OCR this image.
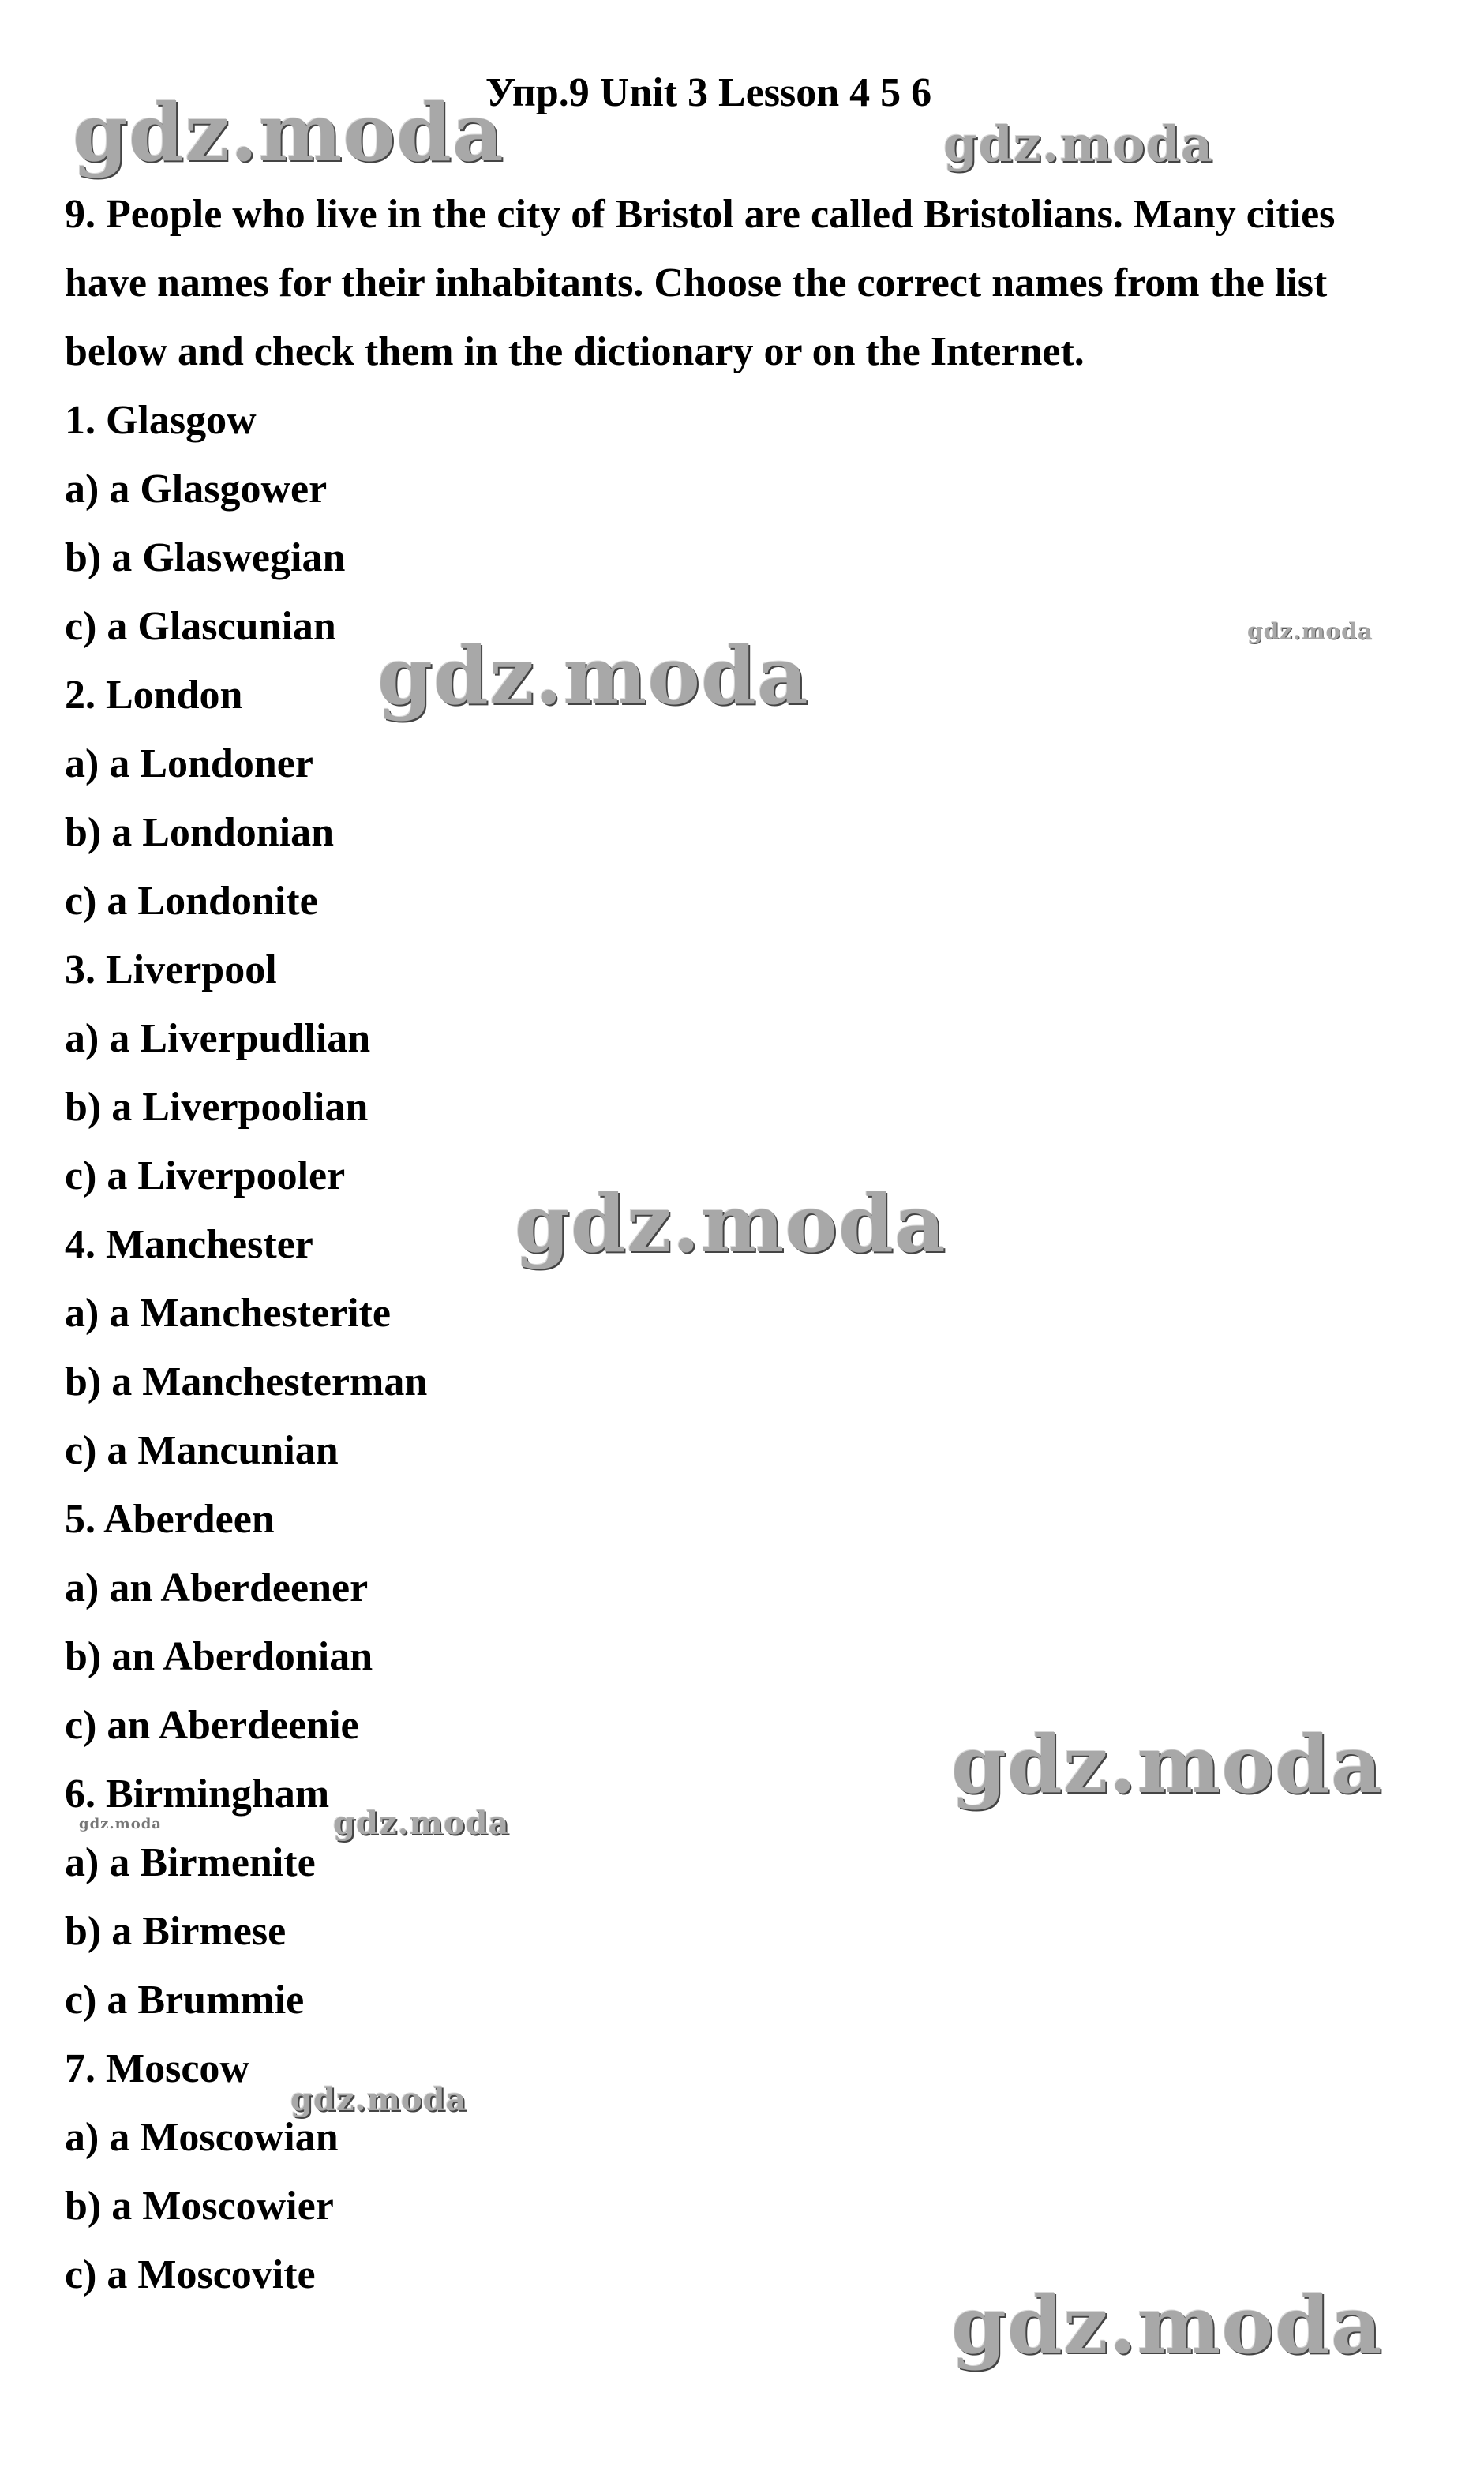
Упр.9 Unit 3 Lesson 4 5 6

9. People who live in the city of Bristol are called Bristolians. Many cities have names for their inhabitants. Choose the correct names from the list below and check them in the dictionary or on the Internet.

1. Glasgow
a) a Glasgower
b) a Glaswegian
c) a Glascunian
2. London
a) a Londoner
b) a Londonian
c) a Londonite
3. Liverpool
a) a Liverpudlian
b) a Liverpoolian
c) a Liverpooler
4. Manchester
a) a Manchesterite
b) a Manchesterman
c) a Mancunian
5. Aberdeen
a) an Aberdeener
b) an Aberdonian
c) an Aberdeenie
6. Birmingham
a) a Birmenite
b) a Birmese
c) a Brummie
7. Moscow
a) a Moscowian
b) a Moscowier
c) a Moscovite
gdz.moda	gdz.moda
gdz.moda
gdz.moda
gdz.moda
gdz.moda
gdz.moda	gdz.moda
gdz.moda
gdz.moda
